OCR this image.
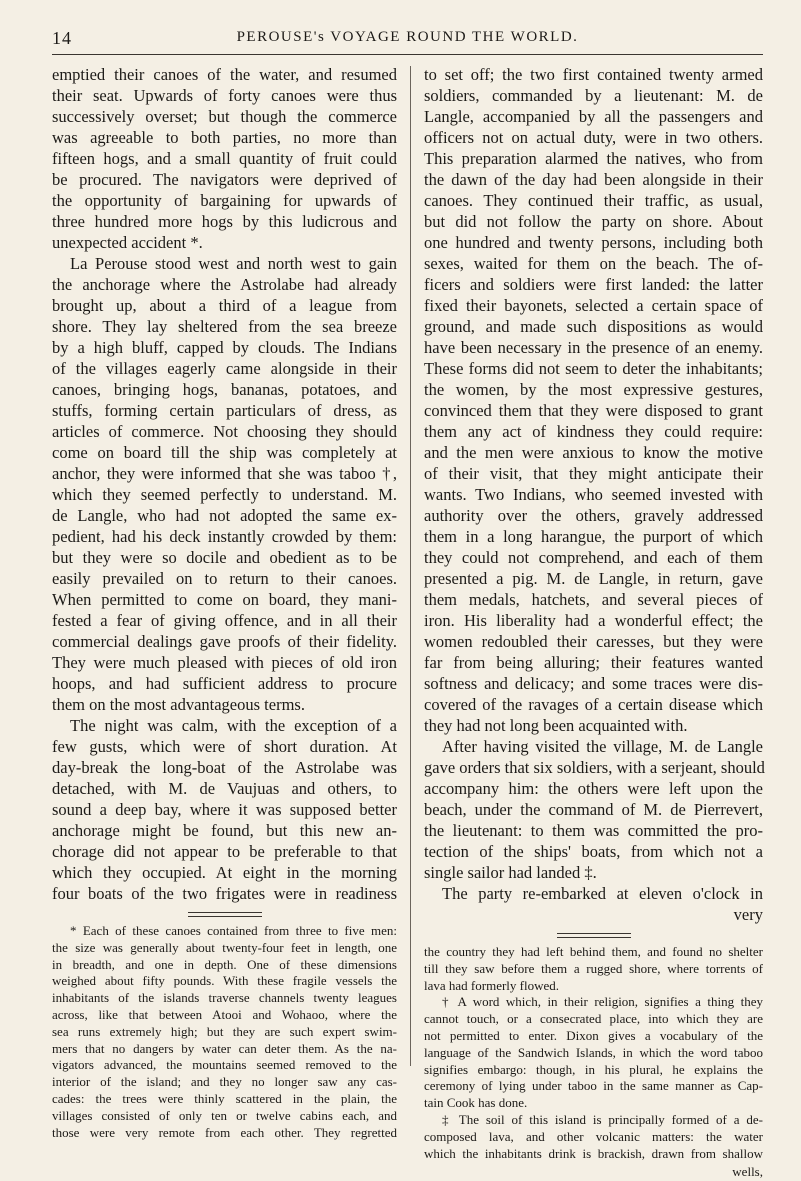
14	PEROUSE's VOYAGE ROUND THE WORLD.
emptied their canoes of the water, and resumed
their seat. Upwards of forty canoes were thus
successively overset; but though the commerce
was agreeable to both parties, no more than
fifteen hogs, and a small quantity of fruit could
be procured. The navigators were deprived of
the opportunity of bargaining for upwards of
three hundred more hogs by this ludicrous and
unexpected accident *.
La Perouse stood west and north west to gain
the anchorage where the Astrolabe had already
brought up, about a third of a league from
shore. They lay sheltered from the sea breeze
by a high bluff, capped by clouds. The Indians
of the villages eagerly came alongside in their
canoes, bringing hogs, bananas, potatoes, and
stuffs, forming certain particulars of dress, as
articles of commerce. Not choosing they should
come on board till the ship was completely at
anchor, they were informed that she was taboo †,
which they seemed perfectly to understand. M.
de Langle, who had not adopted the same ex-
pedient, had his deck instantly crowded by them:
but they were so docile and obedient as to be
easily prevailed on to return to their canoes.
When permitted to come on board, they mani-
fested a fear of giving offence, and in all their
commercial dealings gave proofs of their fidelity.
They were much pleased with pieces of old iron
hoops, and had sufficient address to procure
them on the most advantageous terms.
The night was calm, with the exception of a
few gusts, which were of short duration. At
day-break the long-boat of the Astrolabe was
detached, with M. de Vaujuas and others, to
sound a deep bay, where it was supposed better
anchorage might be found, but this new an-
chorage did not appear to be preferable to that
which they occupied. At eight in the morning
four boats of the two frigates were in readiness
* Each of these canoes contained from three to five men:
the size was generally about twenty-four feet in length, one
in breadth, and one in depth. One of these dimensions
weighed about fifty pounds. With these fragile vessels the
inhabitants of the islands traverse channels twenty leagues
across, like that between Atooi and Wohaoo, where the
sea runs extremely high; but they are such expert swim-
mers that no dangers by water can deter them. As the na-
vigators advanced, the mountains seemed removed to the
interior of the island; and they no longer saw any cas-
cades: the trees were thinly scattered in the plain, the
villages consisted of only ten or twelve cabins each, and
those were very remote from each other. They regretted
to set off; the two first contained twenty armed
soldiers, commanded by a lieutenant: M. de
Langle, accompanied by all the passengers and
officers not on actual duty, were in two others.
This preparation alarmed the natives, who from
the dawn of the day had been alongside in their
canoes. They continued their traffic, as usual,
but did not follow the party on shore. About
one hundred and twenty persons, including both
sexes, waited for them on the beach. The of-
ficers and soldiers were first landed: the latter
fixed their bayonets, selected a certain space of
ground, and made such dispositions as would
have been necessary in the presence of an enemy.
These forms did not seem to deter the inhabitants;
the women, by the most expressive gestures,
convinced them that they were disposed to grant
them any act of kindness they could require:
and the men were anxious to know the motive
of their visit, that they might anticipate their
wants. Two Indians, who seemed invested with
authority over the others, gravely addressed
them in a long harangue, the purport of which
they could not comprehend, and each of them
presented a pig. M. de Langle, in return, gave
them medals, hatchets, and several pieces of
iron. His liberality had a wonderful effect; the
women redoubled their caresses, but they were
far from being alluring; their features wanted
softness and delicacy; and some traces were dis-
covered of the ravages of a certain disease which
they had not long been acquainted with.
After having visited the village, M. de Langle
gave orders that six soldiers, with a serjeant, should
accompany him: the others were left upon the
beach, under the command of M. de Pierrevert,
the lieutenant: to them was committed the pro-
tection of the ships' boats, from which not a
single sailor had landed ‡.
The party re-embarked at eleven o'clock in
very
the country they had left behind them, and found no shelter
till they saw before them a rugged shore, where torrents of
lava had formerly flowed.
† A word which, in their religion, signifies a thing they
cannot touch, or a consecrated place, into which they are
not permitted to enter. Dixon gives a vocabulary of the
language of the Sandwich Islands, in which the word taboo
signifies embargo: though, in his plural, he explains the
ceremony of lying under taboo in the same manner as Cap-
tain Cook has done.
‡ The soil of this island is principally formed of a de-
composed lava, and other volcanic matters: the water
which the inhabitants drink is brackish, drawn from shallow
wells,
